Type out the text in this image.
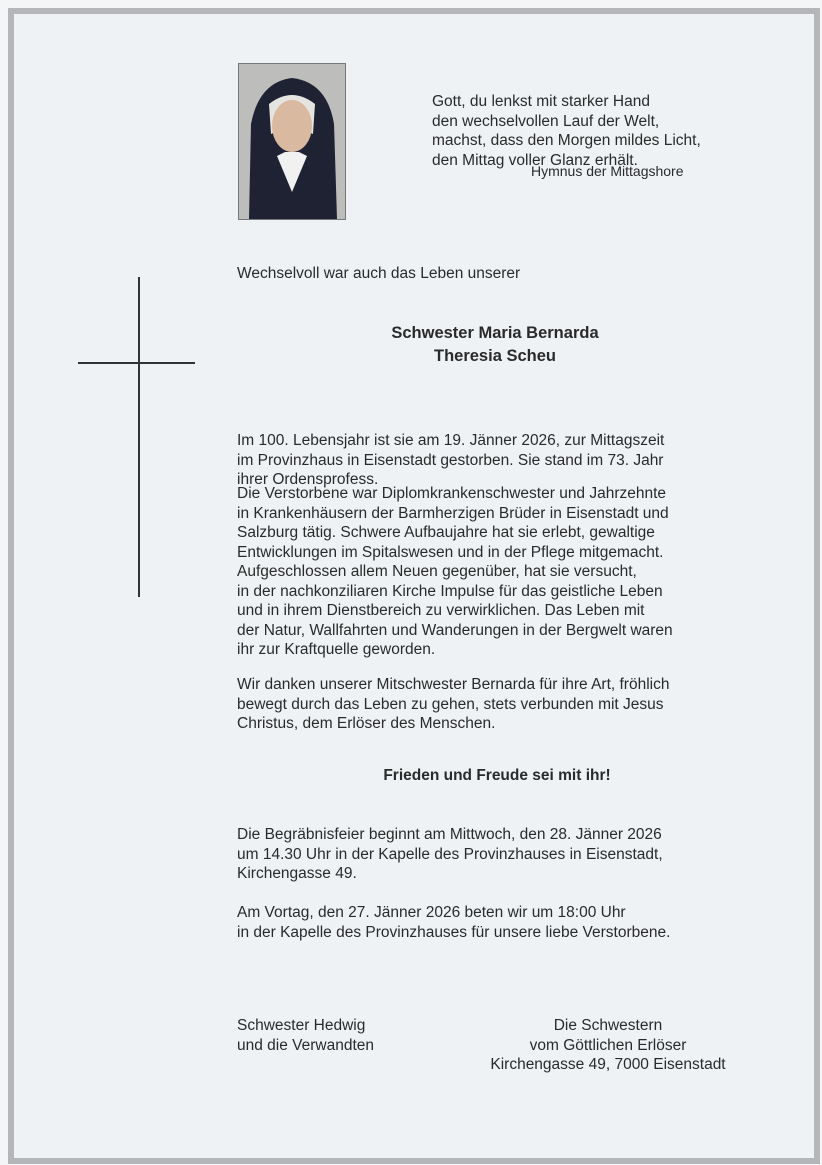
Gott, du lenkst mit starker Hand
den wechselvollen Lauf der Welt,
machst, dass den Morgen mildes Licht,
den Mittag voller Glanz erhält.
Hymnus der Mittagshore
Wechselvoll war auch das Leben unserer
Schwester Maria Bernarda
Theresia Scheu
Im 100. Lebensjahr ist sie am 19. Jänner 2026, zur Mittagszeit
im Provinzhaus in Eisenstadt gestorben. Sie stand im 73. Jahr
ihrer Ordensprofess.
Die Verstorbene war Diplomkrankenschwester und Jahrzehnte
in Krankenhäusern der Barmherzigen Brüder in Eisenstadt und
Salzburg tätig. Schwere Aufbaujahre hat sie erlebt, gewaltige
Entwicklungen im Spitalswesen und in der Pflege mitgemacht.
Aufgeschlossen allem Neuen gegenüber, hat sie versucht,
in der nachkonziliaren Kirche Impulse für das geistliche Leben
und in ihrem Dienstbereich zu verwirklichen. Das Leben mit
der Natur, Wallfahrten und Wanderungen in der Bergwelt waren
ihr zur Kraftquelle geworden.
Wir danken unserer Mitschwester Bernarda für ihre Art, fröhlich
bewegt durch das Leben zu gehen, stets verbunden mit Jesus
Christus, dem Erlöser des Menschen.
Frieden und Freude sei mit ihr!
Die Begräbnisfeier beginnt am Mittwoch, den 28. Jänner 2026
um 14.30 Uhr in der Kapelle des Provinzhauses in Eisenstadt,
Kirchengasse 49.
Am Vortag, den 27. Jänner 2026 beten wir um 18:00 Uhr
in der Kapelle des Provinzhauses für unsere liebe Verstorbene.
Schwester Hedwig
und die Verwandten
Die Schwestern
vom Göttlichen Erlöser
Kirchengasse 49, 7000 Eisenstadt
